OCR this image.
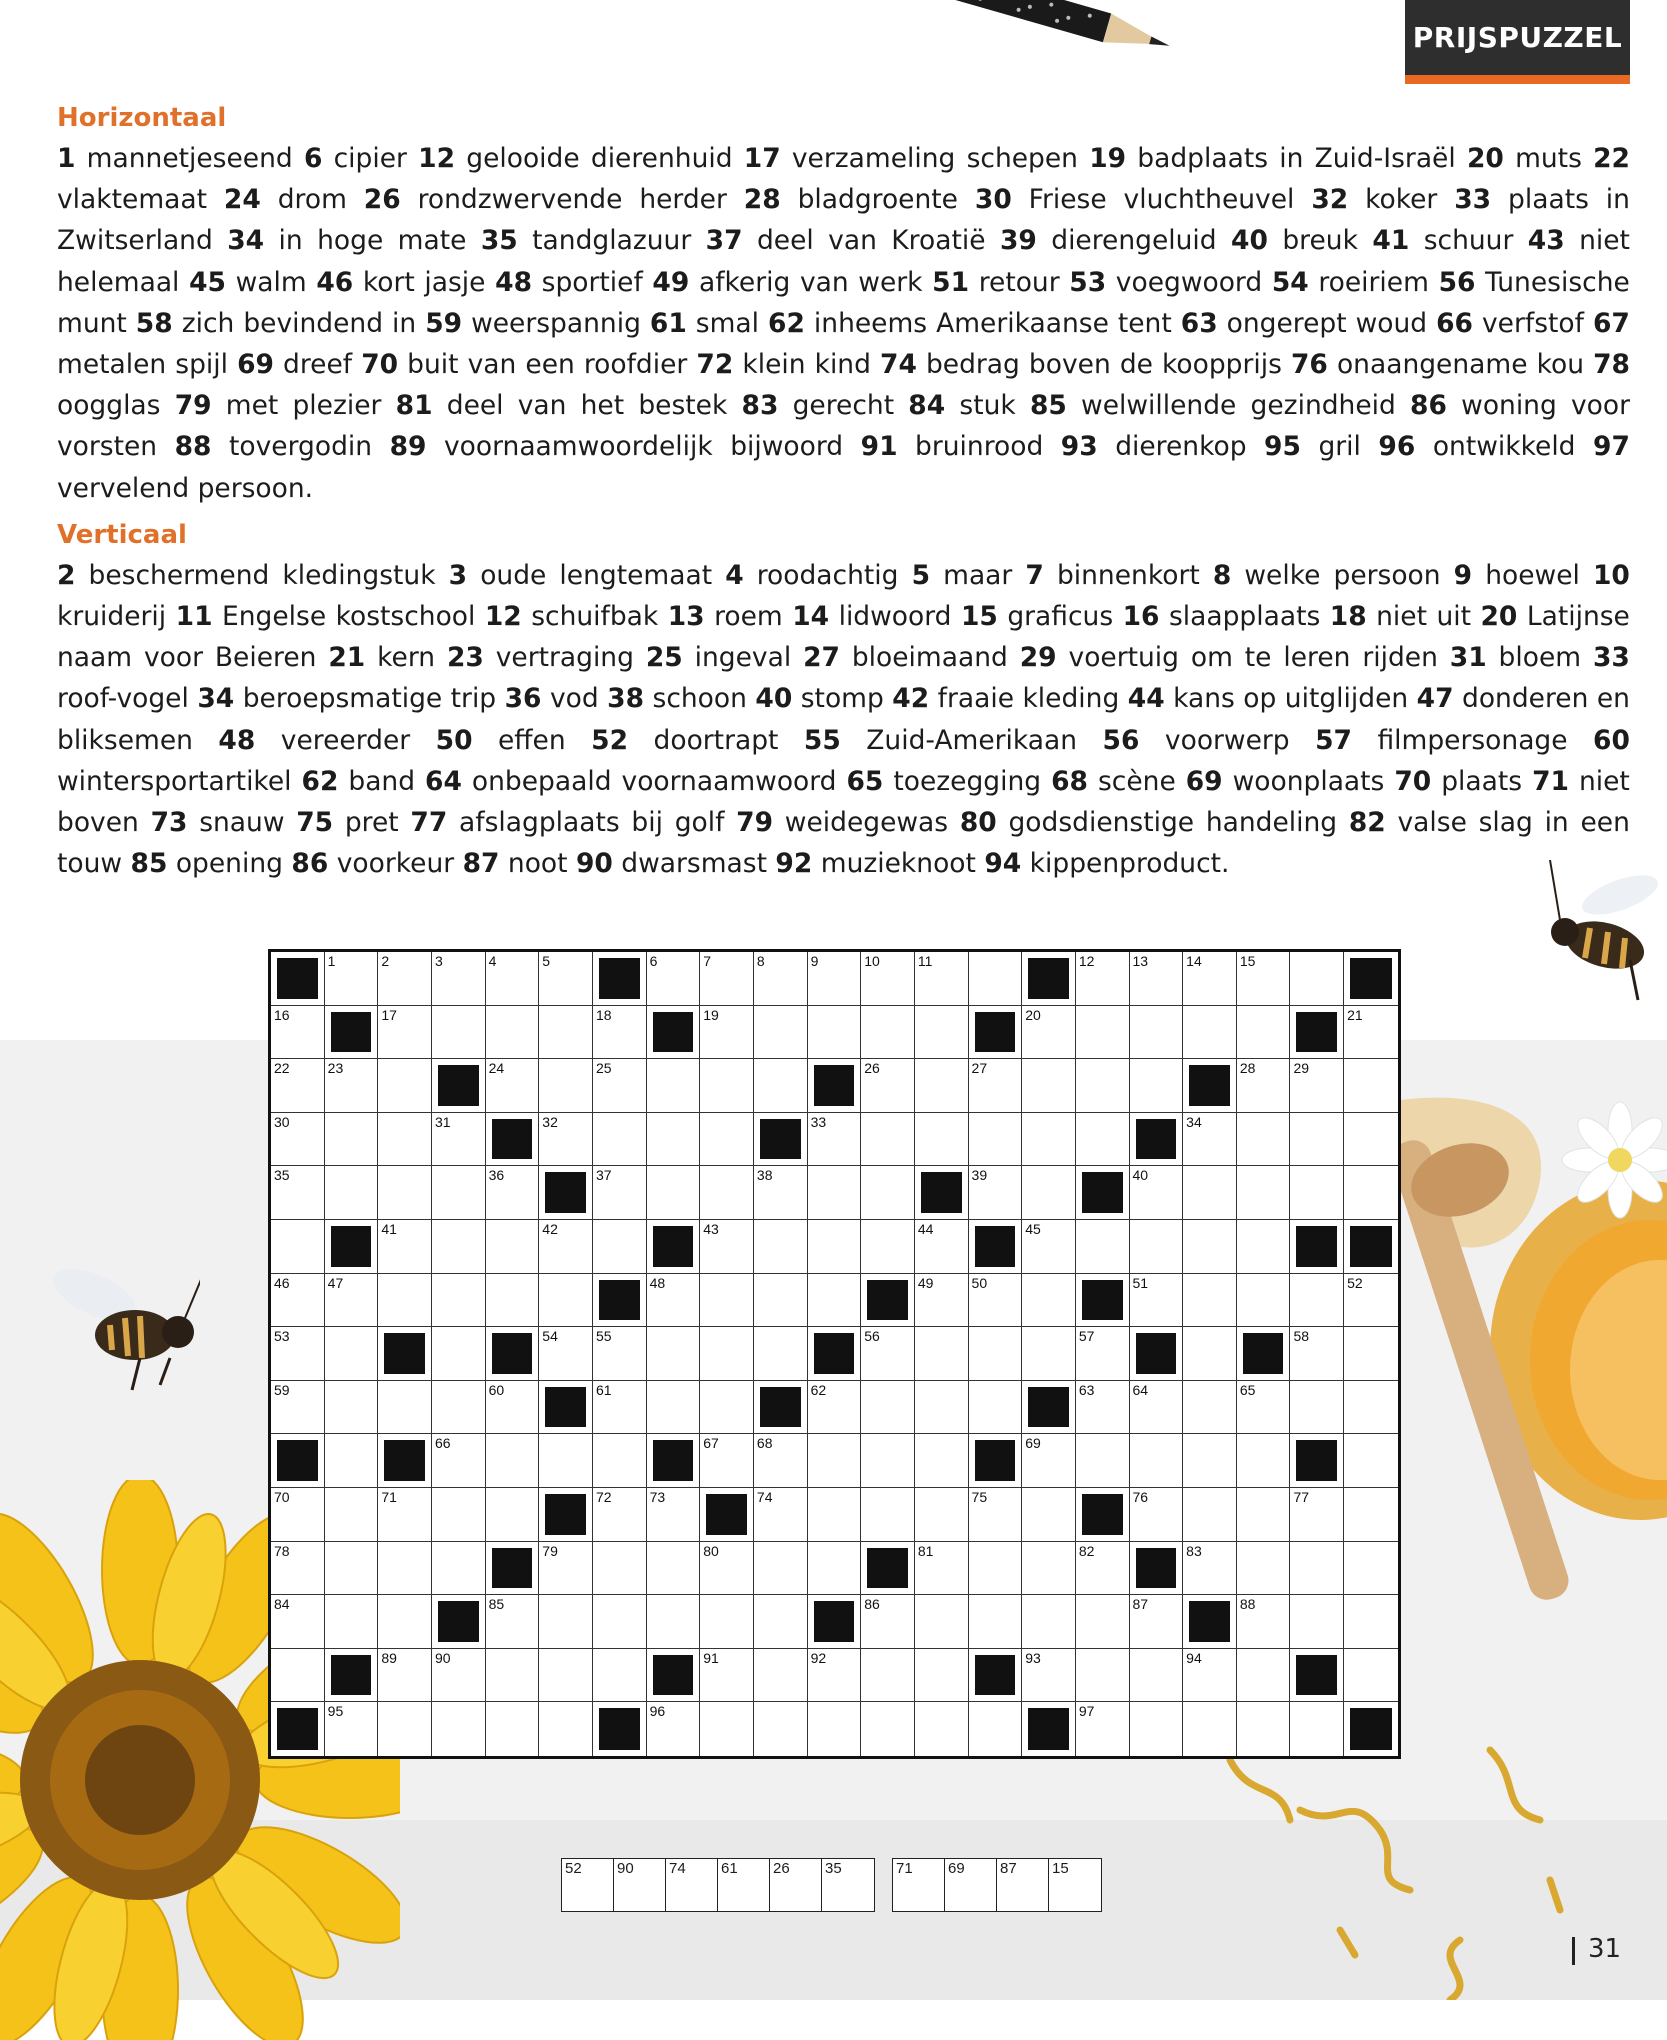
PRIJSPUZZEL
Horizontaal

1 mannetjeseend 6 cipier 12 gelooide dierenhuid 17 verzameling schepen 19 badplaats in Zuid-Israël 20 muts 22 vlaktemaat 24 drom 26 rondzwervende herder 28 bladgroente 30 Friese vluchtheuvel 32 koker 33 plaats in Zwitserland 34 in hoge mate 35 tandglazuur 37 deel van Kroatië 39 dierengeluid 40 breuk 41 schuur 43 niet helemaal 45 walm 46 kort jasje 48 sportief 49 afkerig van werk 51 retour 53 voegwoord 54 roeiriem 56 Tunesische munt 58 zich bevindend in 59 weerspannig 61 smal 62 inheems Amerikaanse tent 63 ongerept woud 66 verfstof 67 metalen spijl 69 dreef 70 buit van een roofdier 72 klein kind 74 bedrag boven de koopprijs 76 onaangename kou 78 oogglas 79 met plezier 81 deel van het bestek 83 gerecht 84 stuk 85 welwillende gezindheid 86 woning voor vorsten 88 tovergodin 89 voornaamwoordelijk bijwoord 91 bruinrood 93 dierenkop 95 gril 96 ontwikkeld 97 vervelend persoon.

Verticaal

2 beschermend kledingstuk 3 oude lengtemaat 4 roodachtig 5 maar 7 binnenkort 8 welke persoon 9 hoewel 10 kruiderij 11 Engelse kostschool 12 schuifbak 13 roem 14 lidwoord 15 graficus 16 slaapplaats 18 niet uit 20 Latijnse naam voor Beieren 21 kern 23 vertraging 25 ingeval 27 bloeimaand 29 voertuig om te leren rijden 31 bloem 33 roof-vogel 34 beroepsmatige trip 36 vod 38 schoon 40 stomp 42 fraaie kleding 44 kans op uitglijden 47 donderen en bliksemen 48 vereerder 50 effen 52 doortrapt 55 Zuid-Amerikaan 56 voorwerp 57 filmpersonage 60 wintersportartikel 62 band 64 onbepaald voornaamwoord 65 toezegging 68 scène 69 woonplaats 70 plaats 71 niet boven 73 snauw 75 pret 77 afslagplaats bij golf 79 weidegewas 80 godsdienstige handeling 82 valse slag in een touw 85 opening 86 voorkeur 87 noot 90 dwarsmast 92 muzieknoot 94 kippenproduct.

1	2	3	4	5	6	7	8	9	10	11	12	13	14	15
16	17	18	19	20	21
22	23	24	25	26	27	28	29
30	31	32	33	34
35	36	37	38	39	40
41	42	43	44	45
46	47	48	49	50	51	52
53	54	55	56	57	58
59	60	61	62	63	64	65
66	67	68	69
70	71	72	73	74	75	76	77
78	79	80	81	82	83
84	85	86	87	88
89	90	91	92	93	94
95	96	97
52 90 74 61 26 35	71 69 87 15
31
